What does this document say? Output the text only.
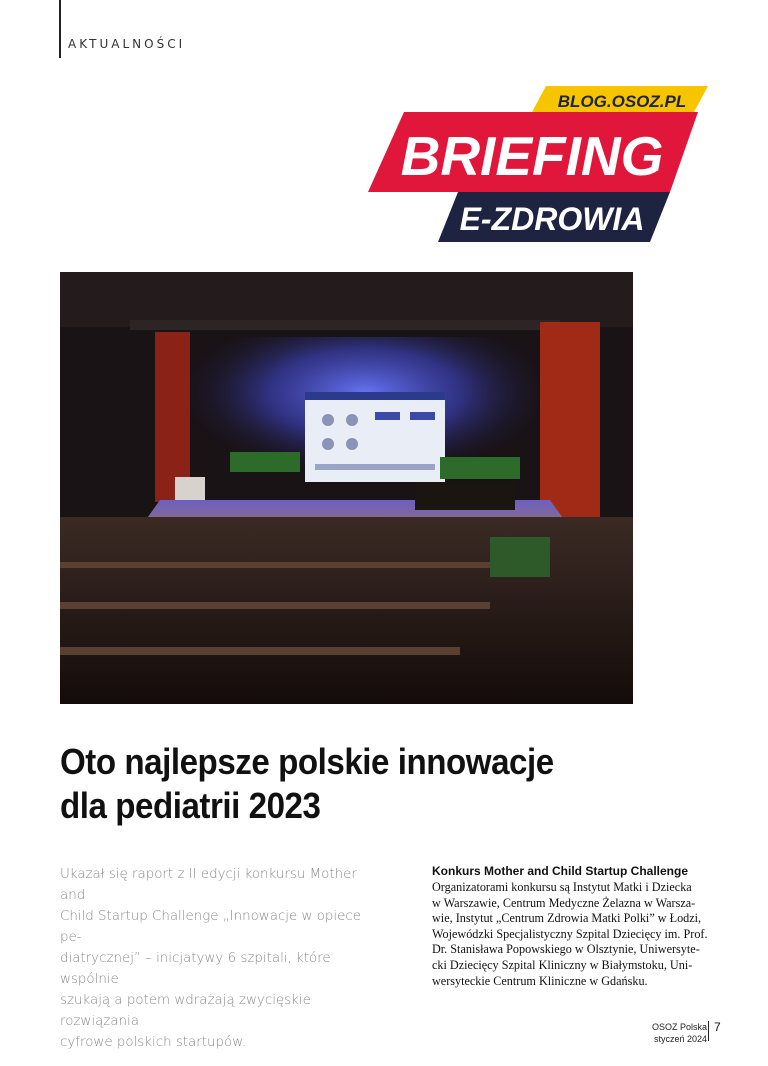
AKTUALNOŚCI
BLOG.OSOZ.PL
BRIEFING
E-ZDROWIA
Oto najlepsze polskie innowacje
dla pediatrii 2023
Ukazał się raport z II edycji konkursu Mother and
Child Startup Challenge „Innowacje w opiece pe-
diatrycznej” – inicjatywy 6 szpitali, które wspólnie
szukają a potem wdrażają zwycięskie rozwiązania
cyfrowe polskich startupów.
Konkurs Mother and Child Startup Challenge
Organizatorami konkursu są Instytut Matki i Dziecka
w Warszawie, Centrum Medyczne Żelazna w Warsza-
wie, Instytut „Centrum Zdrowia Matki Polki” w Łodzi,
Wojewódzki Specjalistyczny Szpital Dziecięcy im. Prof.
Dr. Stanisława Popowskiego w Olsztynie, Uniwersyte-
cki Dziecięcy Szpital Kliniczny w Białymstoku, Uni-
wersyteckie Centrum Kliniczne w Gdańsku.
OSOZ Polska
styczeń 2024
7
